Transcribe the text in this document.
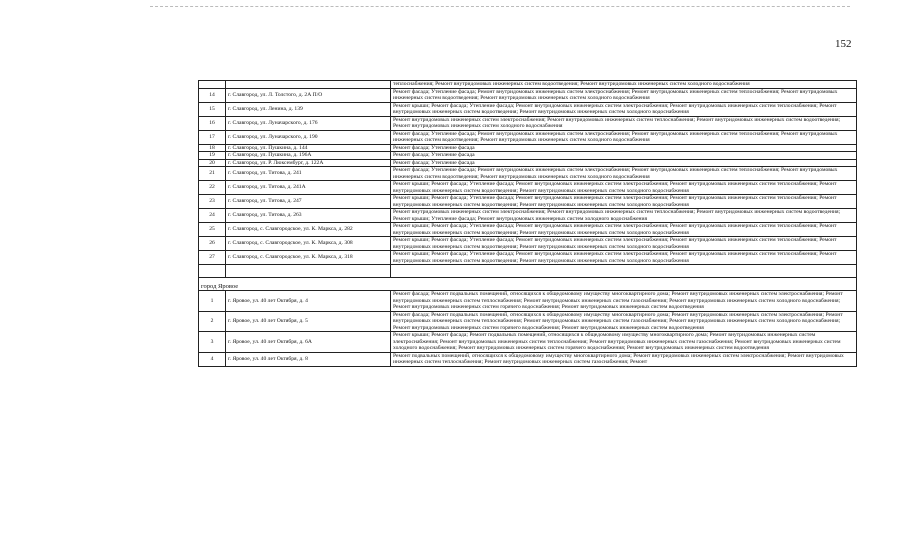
152
		теплоснабжения; Ремонт внутридомовых инженерных систем водоотведения; Ремонт внутридомовых инженерных систем холодного водоснабжения
14	г. Славгород, ул. Л. Толстого, д. 2А П/О	Ремонт фасада; Утепление фасада; Ремонт внутридомовых инженерных систем электроснабжения; Ремонт внутридомовых инженерных систем теплоснабжения; Ремонт внутридомовых инженерных систем водоотведения; Ремонт внутридомовых инженерных систем холодного водоснабжения
15	г. Славгород, ул. Ленина, д. 139	Ремонт крыши; Ремонт фасада; Утепление фасада; Ремонт внутридомовых инженерных систем электроснабжения; Ремонт внутридомовых инженерных систем теплоснабжения; Ремонт внутридомовых инженерных систем водоотведения; Ремонт внутридомовых инженерных систем холодного водоснабжения
16	г. Славгород, ул. Луначарского, д. 176	Ремонт внутридомовых инженерных систем электроснабжения; Ремонт внутридомовых инженерных систем теплоснабжения; Ремонт внутридомовых инженерных систем водоотведения; Ремонт внутридомовых инженерных систем холодного водоснабжения
17	г. Славгород, ул. Луначарского, д. 190	Ремонт фасада; Утепление фасада; Ремонт внутридомовых инженерных систем электроснабжения; Ремонт внутридомовых инженерных систем теплоснабжения; Ремонт внутридомовых инженерных систем водоотведения; Ремонт внутридомовых инженерных систем холодного водоснабжения
18	г. Славгород, ул. Пушкина, д. 144	Ремонт фасада; Утепление фасада
19	г. Славгород, ул. Пушкина, д. 196А	Ремонт фасада; Утепление фасада
20	г. Славгород, ул. Р. Люксембург, д. 122А	Ремонт фасада; Утепление фасада
21	г. Славгород, ул. Титова, д. 241	Ремонт фасада; Утепление фасада; Ремонт внутридомовых инженерных систем электроснабжения; Ремонт внутридомовых инженерных систем теплоснабжения; Ремонт внутридомовых инженерных систем водоотведения; Ремонт внутридомовых инженерных систем холодного водоснабжения
22	г. Славгород, ул. Титова, д. 241А	Ремонт крыши; Ремонт фасада; Утепление фасада; Ремонт внутридомовых инженерных систем электроснабжения; Ремонт внутридомовых инженерных систем теплоснабжения; Ремонт внутридомовых инженерных систем водоотведения; Ремонт внутридомовых инженерных систем холодного водоснабжения
23	г. Славгород, ул. Титова, д. 247	Ремонт крыши; Ремонт фасада; Утепление фасада; Ремонт внутридомовых инженерных систем электроснабжения; Ремонт внутридомовых инженерных систем теплоснабжения; Ремонт внутридомовых инженерных систем водоотведения; Ремонт внутридомовых инженерных систем холодного водоснабжения
24	г. Славгород, ул. Титова, д. 263	Ремонт внутридомовых инженерных систем электроснабжения; Ремонт внутридомовых инженерных систем теплоснабжения; Ремонт внутридомовых инженерных систем водоотведения; Ремонт крыши; Утепление фасада; Ремонт внутридомовых инженерных систем холодного водоснабжения
25	г. Славгород, с. Славгородское, ул. К. Маркса, д. 282	Ремонт крыши; Ремонт фасада; Утепление фасада; Ремонт внутридомовых инженерных систем электроснабжения; Ремонт внутридомовых инженерных систем теплоснабжения; Ремонт внутридомовых инженерных систем водоотведения; Ремонт внутридомовых инженерных систем холодного водоснабжения
26	г. Славгород, с. Славгородское, ул. К. Маркса, д. 308	Ремонт крыши; Ремонт фасада; Утепление фасада; Ремонт внутридомовых инженерных систем электроснабжения; Ремонт внутридомовых инженерных систем теплоснабжения; Ремонт внутридомовых инженерных систем водоотведения; Ремонт внутридомовых инженерных систем холодного водоснабжения
27	г. Славгород, с. Славгородское, ул. К. Маркса, д. 318	Ремонт крыши; Ремонт фасада; Утепление фасада; Ремонт внутридомовых инженерных систем электроснабжения; Ремонт внутридомовых инженерных систем теплоснабжения; Ремонт внутридомовых инженерных систем водоотведения; Ремонт внутридомовых инженерных систем холодного водоснабжения

город Яровое		
1	г. Яровое, ул. 40 лет Октября, д. 4	Ремонт фасада; Ремонт подвальных помещений, относящихся к общедомовому имуществу многоквартирного дома; Ремонт внутридомовых инженерных систем электроснабжения; Ремонт внутридомовых инженерных систем теплоснабжения; Ремонт внутридомовых инженерных систем газоснабжения; Ремонт внутридомовых инженерных систем холодного водоснабжения; Ремонт внутридомовых инженерных систем горячего водоснабжения; Ремонт внутридомовых инженерных систем водоотведения
2	г. Яровое, ул. 40 лет Октября, д. 5	Ремонт фасада; Ремонт подвальных помещений, относящихся к общедомовому имуществу многоквартирного дома; Ремонт внутридомовых инженерных систем электроснабжения; Ремонт внутридомовых инженерных систем теплоснабжения; Ремонт внутридомовых инженерных систем газоснабжения; Ремонт внутридомовых инженерных систем холодного водоснабжения; Ремонт внутридомовых инженерных систем горячего водоснабжения; Ремонт внутридомовых инженерных систем водоотведения
3	г. Яровое, ул. 40 лет Октября, д. 6А	Ремонт крыши; Ремонт фасада; Ремонт подвальных помещений, относящихся к общедомовому имуществу многоквартирного дома; Ремонт внутридомовых инженерных систем электроснабжения; Ремонт внутридомовых инженерных систем теплоснабжения; Ремонт внутридомовых инженерных систем газоснабжения; Ремонт внутридомовых инженерных систем холодного водоснабжения; Ремонт внутридомовых инженерных систем горячего водоснабжения; Ремонт внутридомовых инженерных систем водоотведения
4	г. Яровое, ул. 40 лет Октября, д. 8	Ремонт подвальных помещений, относящихся к общедомовому имуществу многоквартирного дома; Ремонт внутридомовых инженерных систем электроснабжения; Ремонт внутридомовых инженерных систем теплоснабжения; Ремонт внутридомовых инженерных систем газоснабжения; Ремонт
